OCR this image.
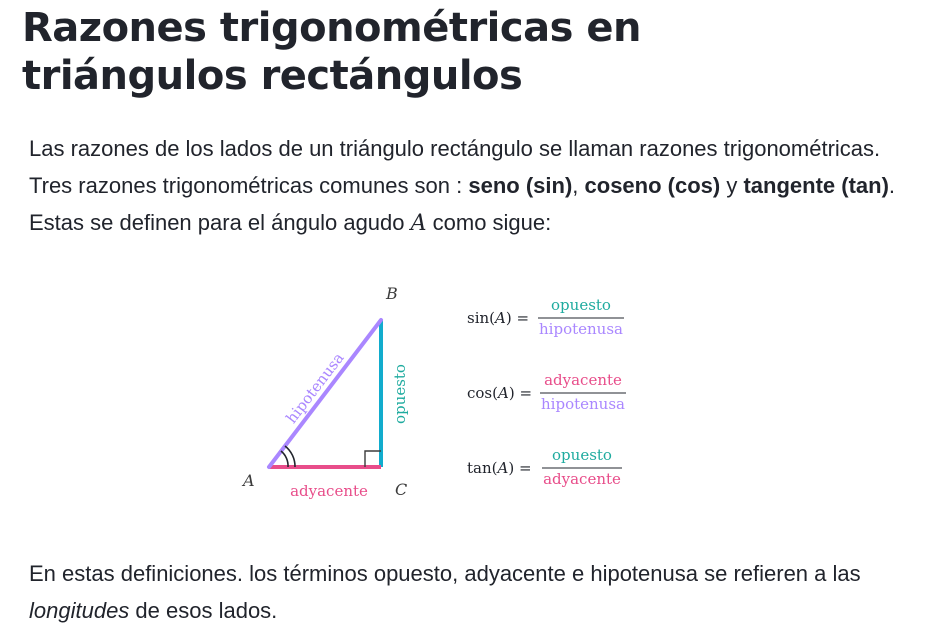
Razones trigonométricas en
triángulos rectángulos

Las razones de los lados de un triángulo rectángulo se llaman razones trigonométricas. Tres razones trigonométricas comunes son : seno (sin), coseno (cos) y tangente (tan). Estas se definen para el ángulo agudo A como sigue:

A
B
C
hipotenusa	opuesto
adyacente
sin(A) =
opuesto
hipotenusa
cos(A) =
adyacente
hipotenusa
tan(A) =
opuesto
adyacente

En estas definiciones. los términos opuesto, adyacente e hipotenusa se refieren a las longitudes de esos lados.
